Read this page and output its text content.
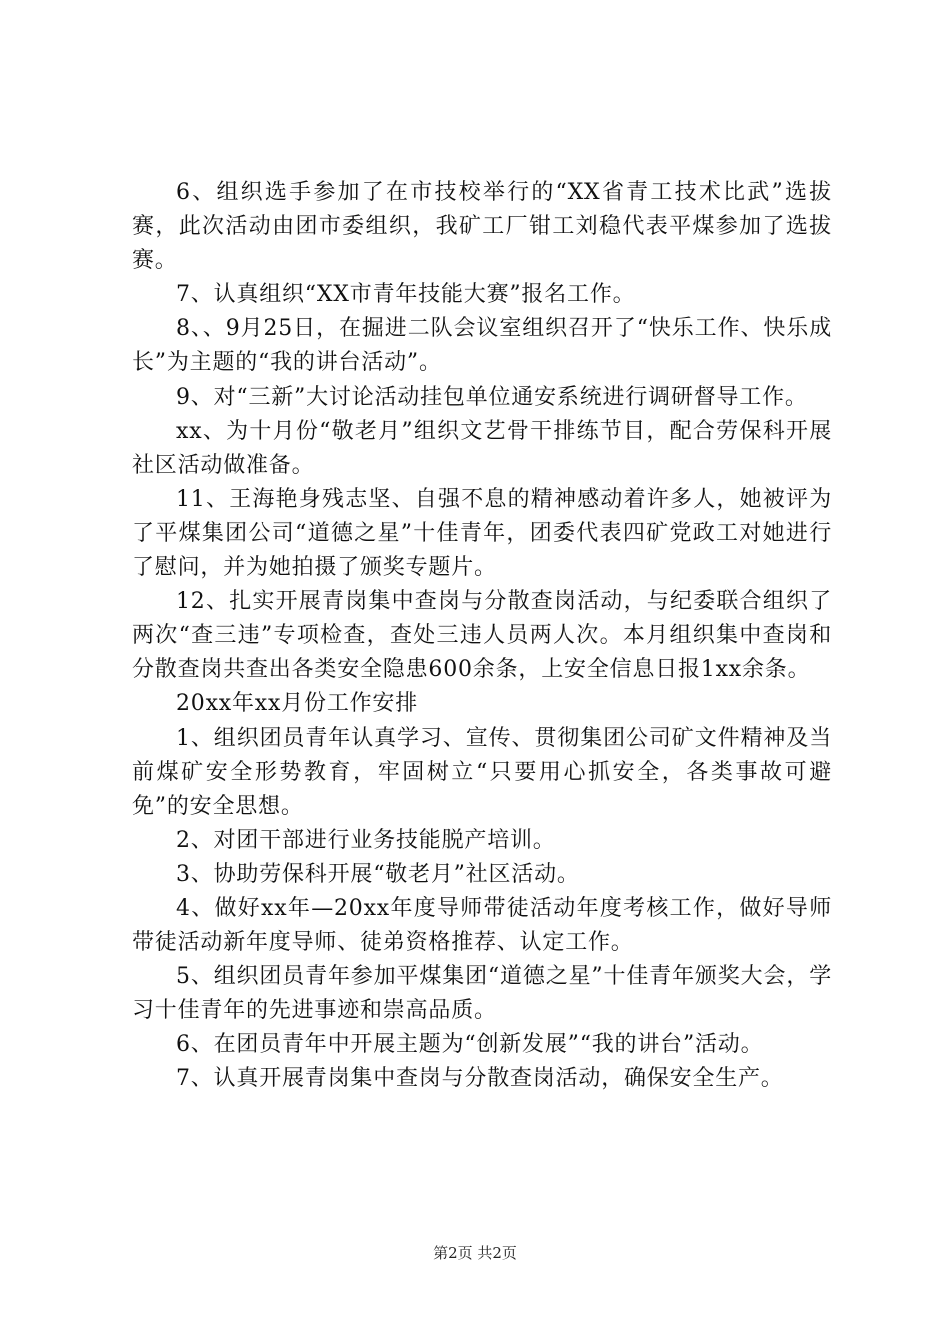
6、组织选手参加了在市技校举行的“XX省青工技术比武”选拔赛，此次活动由团市委组织，我矿工厂钳工刘稳代表平煤参加了选拔赛。

7、认真组织“XX市青年技能大赛”报名工作。

8、、9月25日，在掘进二队会议室组织召开了“快乐工作、快乐成长”为主题的“我的讲台活动”。

9、对“三新”大讨论活动挂包单位通安系统进行调研督导工作。

xx、为十月份“敬老月”组织文艺骨干排练节目，配合劳保科开展社区活动做准备。

11、王海艳身残志坚、自强不息的精神感动着许多人，她被评为了平煤集团公司“道德之星”十佳青年，团委代表四矿党政工对她进行了慰问，并为她拍摄了颁奖专题片。

12、扎实开展青岗集中查岗与分散查岗活动，与纪委联合组织了两次“查三违”专项检查，查处三违人员两人次。本月组织集中查岗和分散查岗共查出各类安全隐患600余条，上安全信息日报1xx余条。

20xx年xx月份工作安排

1、组织团员青年认真学习、宣传、贯彻集团公司矿文件精神及当前煤矿安全形势教育，牢固树立“只要用心抓安全，各类事故可避免”的安全思想。

2、对团干部进行业务技能脱产培训。

3、协助劳保科开展“敬老月”社区活动。

4、做好xx年—20xx年度导师带徒活动年度考核工作，做好导师带徒活动新年度导师、徒弟资格推荐、认定工作。

5、组织团员青年参加平煤集团“道德之星”十佳青年颁奖大会，学习十佳青年的先进事迹和崇高品质。

6、在团员青年中开展主题为“创新发展”“我的讲台”活动。

7、认真开展青岗集中查岗与分散查岗活动，确保安全生产。

第2页 共2页
